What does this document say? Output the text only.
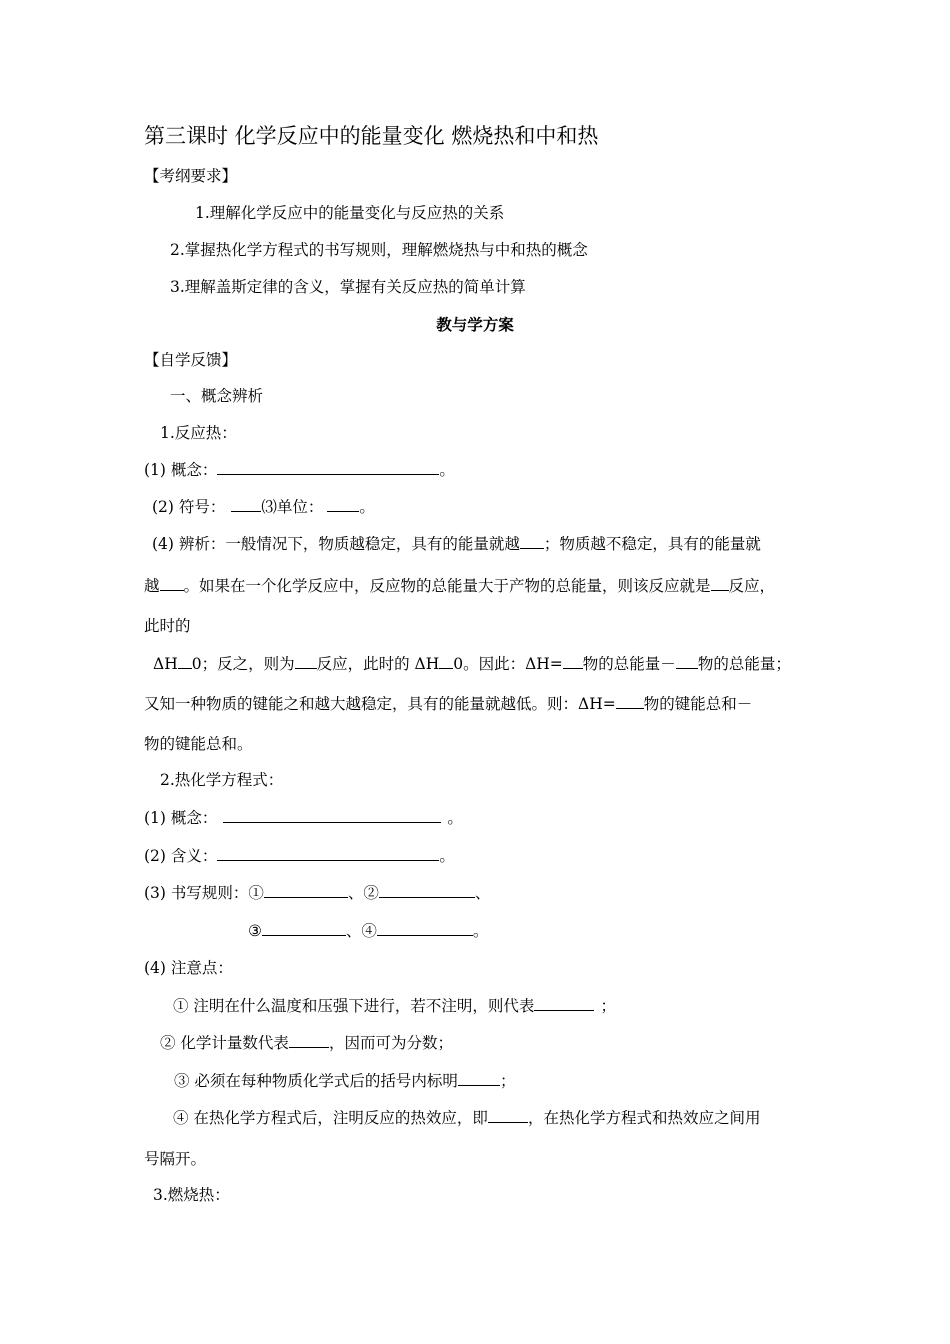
第三课时 化学反应中的能量变化 燃烧热和中和热
【考纲要求】
1.理解化学反应中的能量变化与反应热的关系
2.掌握热化学方程式的书写规则，理解燃烧热与中和热的概念
3.理解盖斯定律的含义，掌握有关反应热的简单计算
教与学方案
【自学反馈】
一、概念辨析
1.反应热：
(1) 概念：	。
(2) 符号： ⑶单位： 。
(4) 辨析：一般情况下，物质越稳定，具有的能量就越 ；物质越不稳定，具有的能量就
越 。如果在一个化学反应中，反应物的总能量大于产物的总能量，则该反应就是 反应，
此时的
ΔH 0；反之，则为 反应，此时的 ΔH 0。因此：ΔH= 物的总能量－ 物的总能量；
又知一种物质的键能之和越大越稳定，具有的能量就越低。则：ΔH= 物的键能总和－
物的键能总和。
2.热化学方程式：
(1) 概念：	。
(2) 含义：	。
(3) 书写规则：①	、②	、
③	、④	。
(4) 注意点：
① 注明在什么温度和压强下进行，若不注明，则代表	；
② 化学计量数代表	，因而可为分数；
③ 必须在每种物质化学式后的括号内标明	；
④ 在热化学方程式后，注明反应的热效应，即	，在热化学方程式和热效应之间用
号隔开。
3.燃烧热：
